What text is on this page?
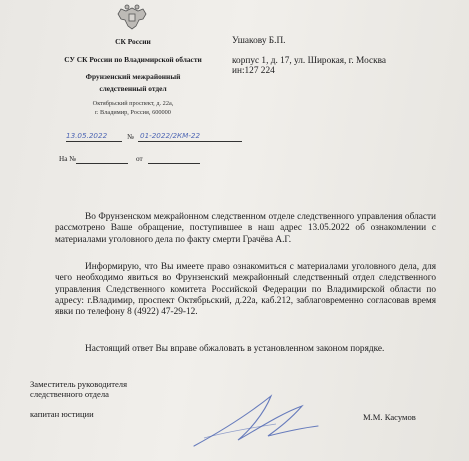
СК России
СУ СК России по Владимирской области
Фрунзенский межрайонный
следственный отдел
Октябрьский проспект, д. 22а,
г. Владимир, Россия, 600000
Ушакову Б.П.
корпус 1, д. 17, ул. Широкая, г. Москва
ин:127 224
13.05.2022	№ 01-2022/2КМ-22
На №	от

Во Фрунзенском межрайонном следственном отделе следственного управления области рассмотрено Ваше обращение, поступившее в наш адрес 13.05.2022 об ознакомлении с материалами уголовного дела по факту смерти Грачёва А.Г.

Информирую, что Вы имеете право ознакомиться с материалами уголовного дела, для чего необходимо явиться во Фрунзенский межрайонный следственный отдел следственного управления Следственного комитета Российской Федерации по Владимирской области по адресу: г.Владимир, проспект Октябрьский, д.22а, каб.212, заблаговременно согласовав время явки по телефону 8 (4922) 47-29-12.

Настоящий ответ Вы вправе обжаловать в установленном законом порядке.

Заместитель руководителя
следственного отдела
капитан юстиции	М.М. Касумов
